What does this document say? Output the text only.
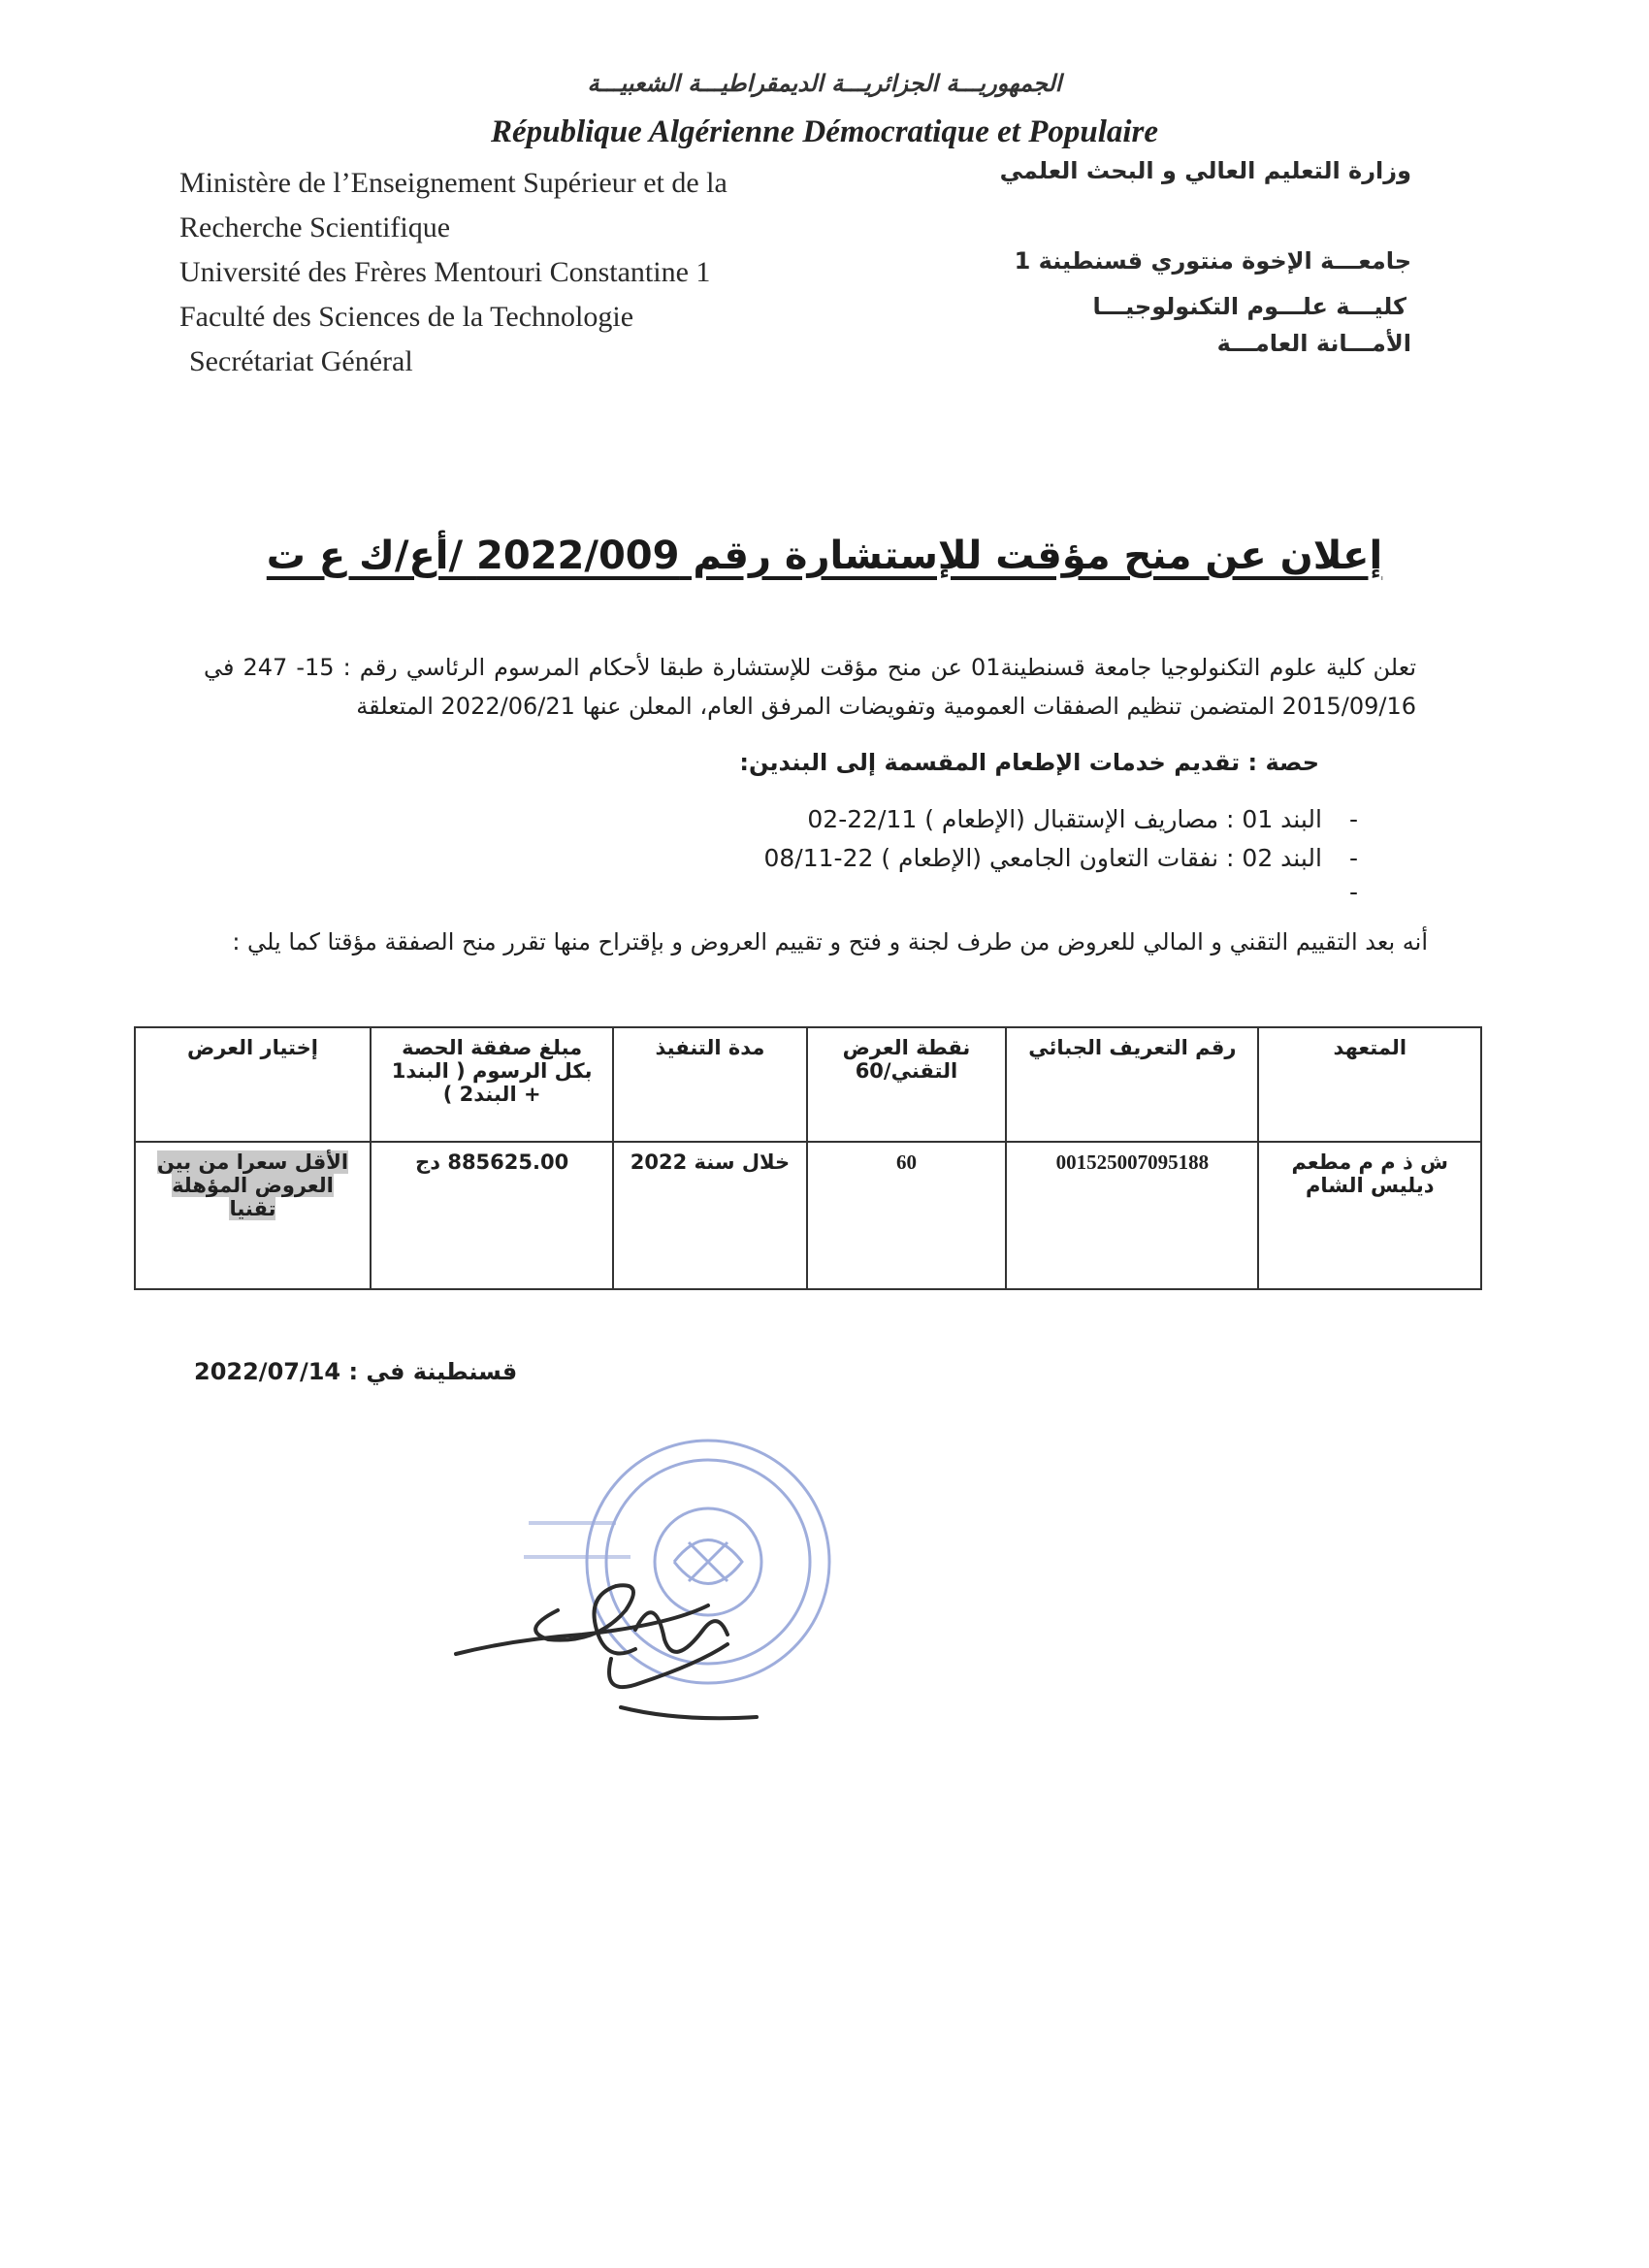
الجمهوريـــة الجزائريـــة الديمقراطيـــة الشعبيـــة
République Algérienne Démocratique et Populaire
Ministère de l’Enseignement Supérieur et de la
Recherche Scientifique
Université des Frères Mentouri Constantine 1
Faculté des Sciences de la Technologie
Secrétariat Général
وزارة التعليم العالي و البحث العلمي
جامعـــة الإخوة منتوري قسنطينة 1
كليـــة علـــوم التكنولوجيـــا
الأمـــانة العامـــة
إعلان عن منح مؤقت للإستشارة رقم 2022/009 /أع/ك ع ت
تعلن كلية علوم التكنولوجيا جامعة قسنطينة01 عن منح مؤقت للإستشارة طبقا لأحكام المرسوم الرئاسي رقم : 15- 247 في 2015/09/16 المتضمن تنظيم الصفقات العمومية وتفويضات المرفق العام، المعلن عنها 2022/06/21 المتعلقة
حصة : تقديم خدمات الإطعام المقسمة إلى البندين:
-
البند 01 : مصاريف الإستقبال (الإطعام ) 22/11-02
-
البند 02 : نفقات التعاون الجامعي (الإطعام ) 22-08/11
-
أنه بعد التقييم التقني و المالي للعروض من طرف لجنة و فتح و تقييم العروض و بإقتراح منها تقرر منح الصفقة مؤقتا كما يلي :
المتعهد	رقم التعريف الجبائي	نقطة العرض التقني/60	مدة التنفيذ	مبلغ صفقة الحصة بكل الرسوم ( البند1 + البند2 )	إختيار العرض
ش ذ م م مطعم ديليس الشام	001525007095188	60	خلال سنة 2022	885625.00 دج	الأقل سعرا من بين العروض المؤهلة تقنيا
قسنطينة في : 2022/07/14
